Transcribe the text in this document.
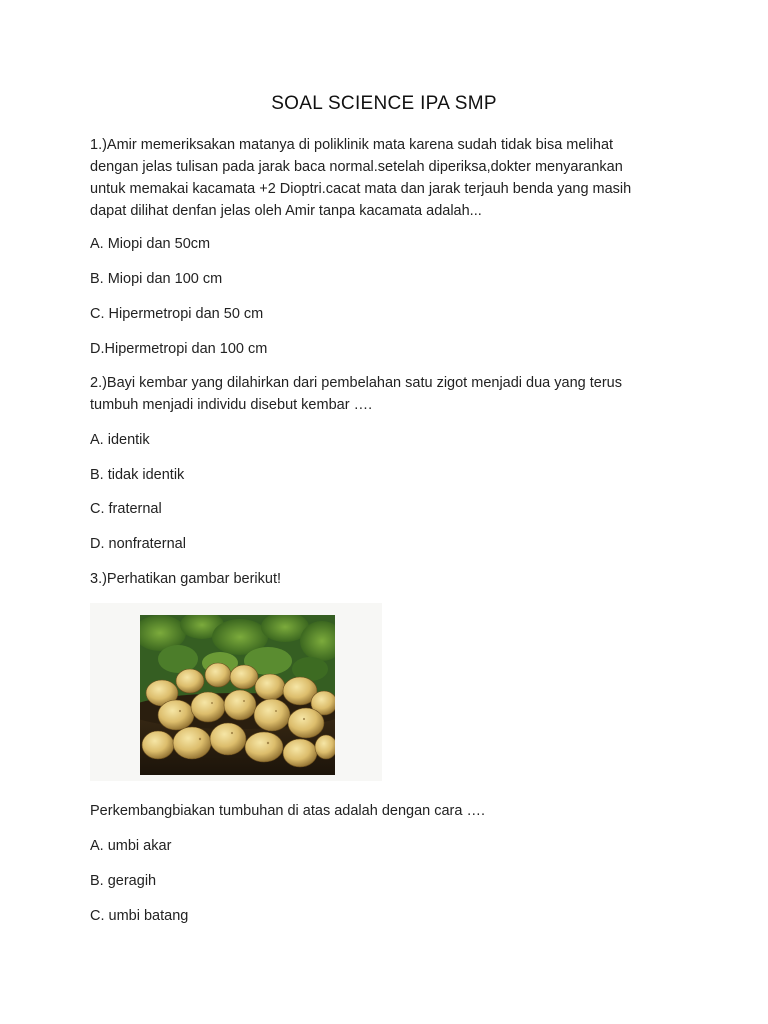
SOAL SCIENCE IPA SMP
1.)Amir memeriksakan matanya di poliklinik mata karena sudah tidak bisa melihat
dengan jelas tulisan pada jarak baca normal.setelah diperiksa,dokter menyarankan
untuk memakai kacamata +2 Dioptri.cacat mata dan jarak terjauh benda yang masih
dapat dilihat denfan jelas oleh Amir tanpa kacamata adalah...
A. Miopi dan 50cm
B. Miopi dan 100 cm
C. Hipermetropi dan 50 cm
D.Hipermetropi dan 100 cm
2.)Bayi kembar yang dilahirkan dari pembelahan satu zigot menjadi dua yang terus
tumbuh menjadi individu disebut kembar ….
A. identik
B. tidak identik
C. fraternal
D. nonfraternal
3.)Perhatikan gambar berikut!
Perkembangbiakan tumbuhan di atas adalah dengan cara ….
A. umbi akar
B. geragih
C. umbi batang
